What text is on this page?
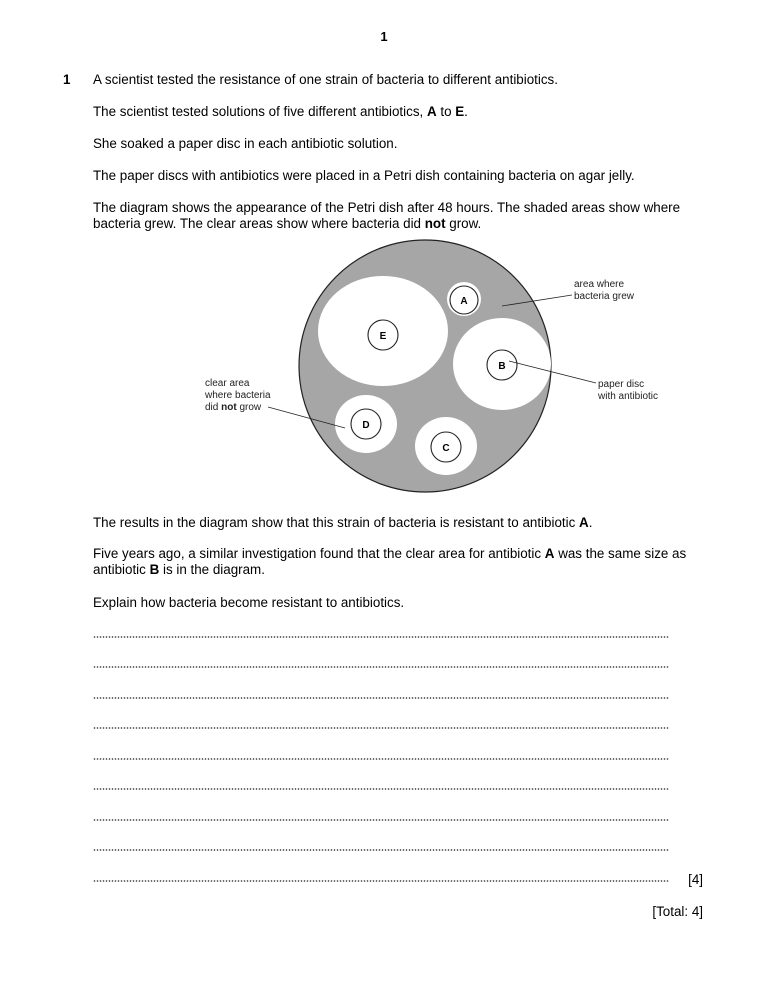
1
1 A scientist tested the resistance of one strain of bacteria to different antibiotics.
The scientist tested solutions of five different antibiotics, A to E.
She soaked a paper disc in each antibiotic solution.
The paper discs with antibiotics were placed in a Petri dish containing bacteria on agar jelly.
The diagram shows the appearance of the Petri dish after 48 hours. The shaded areas show where bacteria grew. The clear areas show where bacteria did not grow.
A
B
C
D
E
area where bacteria grew
paper disc with antibiotic
clear area where bacteria did not grow
The results in the diagram show that this strain of bacteria is resistant to antibiotic A.
Five years ago, a similar investigation found that the clear area for antibiotic A was the same size as antibiotic B is in the diagram.
Explain how bacteria become resistant to antibiotics.
[4]
[Total: 4]
